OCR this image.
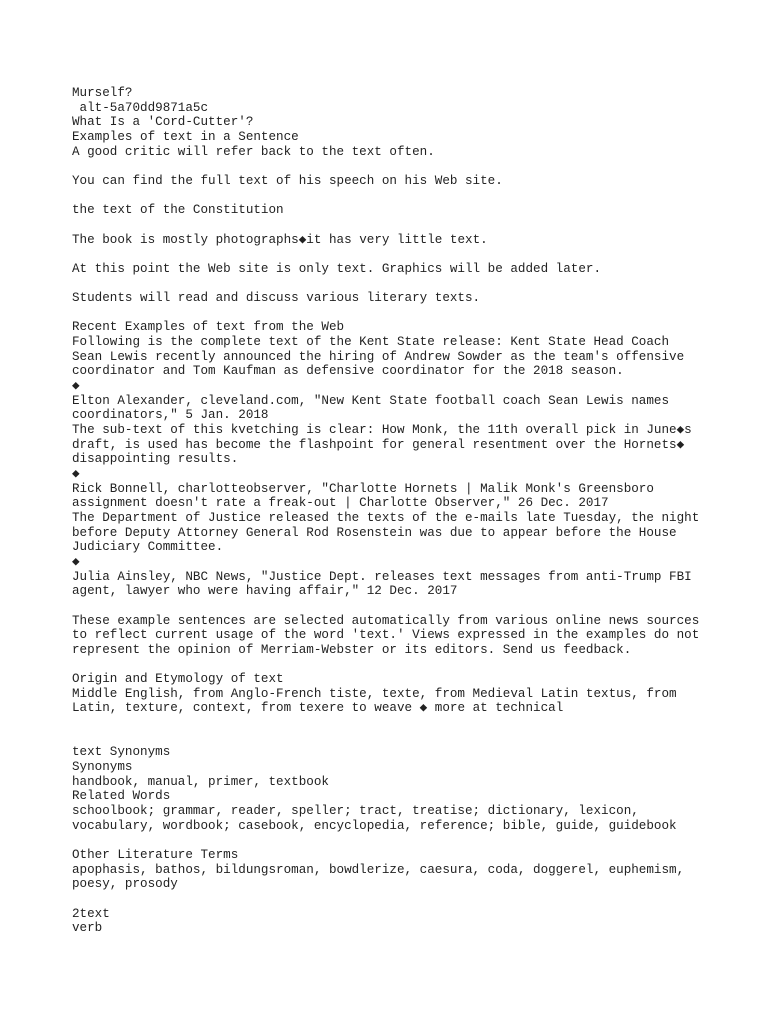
Murself?
alt-5a70dd9871a5c
What Is a 'Cord-Cutter'?
Examples of text in a Sentence
A good critic will refer back to the text often.
You can find the full text of his speech on his Web site.
the text of the Constitution
The book is mostly photographs◆it has very little text.
At this point the Web site is only text. Graphics will be added later.
Students will read and discuss various literary texts.
Recent Examples of text from the Web
Following is the complete text of the Kent State release: Kent State Head Coach
Sean Lewis recently announced the hiring of Andrew Sowder as the team's offensive
coordinator and Tom Kaufman as defensive coordinator for the 2018 season.
◆
Elton Alexander, cleveland.com, "New Kent State football coach Sean Lewis names
coordinators," 5 Jan. 2018
The sub-text of this kvetching is clear: How Monk, the 11th overall pick in June◆s
draft, is used has become the flashpoint for general resentment over the Hornets◆
disappointing results.
◆
Rick Bonnell, charlotteobserver, "Charlotte Hornets | Malik Monk's Greensboro
assignment doesn't rate a freak-out | Charlotte Observer," 26 Dec. 2017
The Department of Justice released the texts of the e-mails late Tuesday, the night
before Deputy Attorney General Rod Rosenstein was due to appear before the House
Judiciary Committee.
◆
Julia Ainsley, NBC News, "Justice Dept. releases text messages from anti-Trump FBI
agent, lawyer who were having affair," 12 Dec. 2017
These example sentences are selected automatically from various online news sources
to reflect current usage of the word 'text.' Views expressed in the examples do not
represent the opinion of Merriam-Webster or its editors. Send us feedback.
Origin and Etymology of text
Middle English, from Anglo-French tiste, texte, from Medieval Latin textus, from
Latin, texture, context, from texere to weave ◆ more at technical
text Synonyms
Synonyms
handbook, manual, primer, textbook
Related Words
schoolbook; grammar, reader, speller; tract, treatise; dictionary, lexicon,
vocabulary, wordbook; casebook, encyclopedia, reference; bible, guide, guidebook
Other Literature Terms
apophasis, bathos, bildungsroman, bowdlerize, caesura, coda, doggerel, euphemism,
poesy, prosody
2text
verb
